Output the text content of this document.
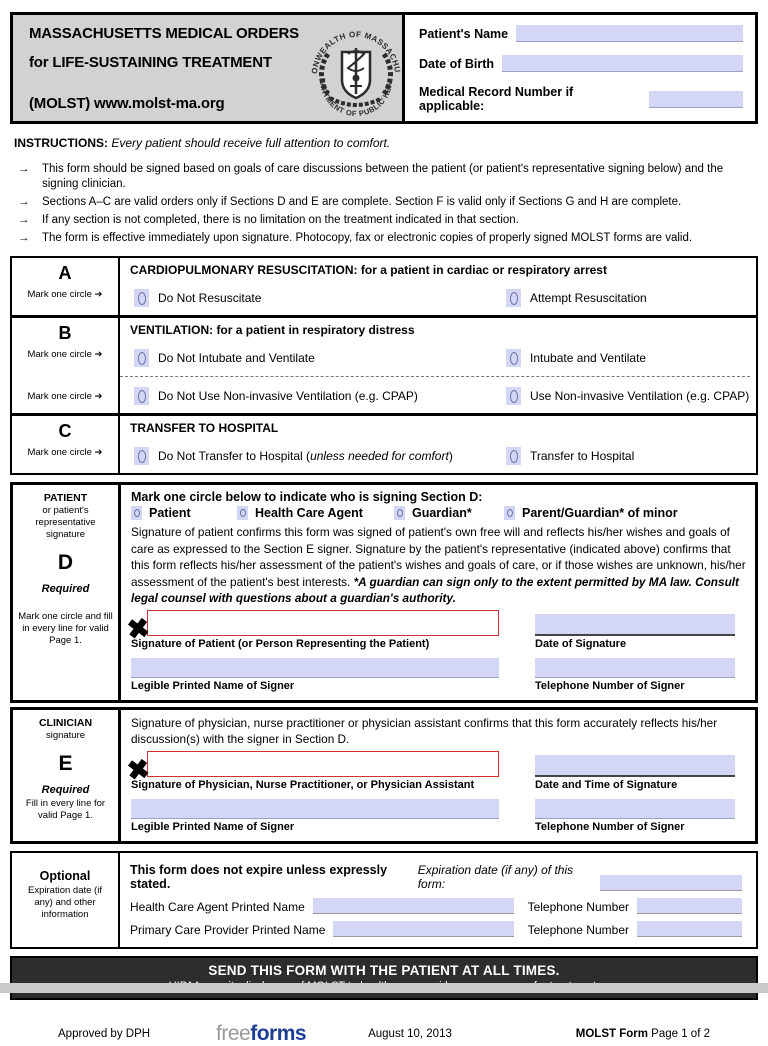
MASSACHUSETTS MEDICAL ORDERS
for LIFE-SUSTAINING TREATMENT
(MOLST) www.molst-ma.org
ONWEALTH OF MASSACHU
PARTMENT OF PUBLIC HEA
Patient's Name
Date of Birth
Medical Record Number if applicable:
INSTRUCTIONS: Every patient should receive full attention to comfort.
→	This form should be signed based on goals of care discussions between the patient (or patient's representative signing below) and the signing clinician.
→	Sections A–C are valid orders only if Sections D and E are complete. Section F is valid only if Sections G and H are complete.
→	If any section is not completed, there is no limitation on the treatment indicated in that section.
→	The form is effective immediately upon signature. Photocopy, fax or electronic copies of properly signed MOLST forms are valid.
A
Mark one circle ➔
CARDIOPULMONARY RESUSCITATION: for a patient in cardiac or respiratory arrest
Do Not Resuscitate	Attempt Resuscitation
B
Mark one circle ➔
Mark one circle ➔
VENTILATION: for a patient in respiratory distress
Do Not Intubate and Ventilate	Intubate and Ventilate
Do Not Use Non-invasive Ventilation (e.g. CPAP)	Use Non-invasive Ventilation (e.g. CPAP)
C
Mark one circle ➔
TRANSFER TO HOSPITAL
Do Not Transfer to Hospital (unless needed for comfort)	Transfer to Hospital
PATIENT
or patient's representative signature
D
Required
Mark one circle and fill in every line for valid Page 1.
Mark one circle below to indicate who is signing Section D:
Patient	Health Care Agent	Guardian*	Parent/Guardian* of minor
Signature of patient confirms this form was signed of patient's own free will and reflects his/her wishes and goals of care as expressed to the Section E signer. Signature by the patient's representative (indicated above) confirms that this form reflects his/her assessment of the patient's wishes and goals of care, or if those wishes are unknown, his/her assessment of the patient's best interests. *A guardian can sign only to the extent permitted by MA law. Consult legal counsel with questions about a guardian's authority.
✖
Signature of Patient (or Person Representing the Patient)	Date of Signature
Legible Printed Name of Signer	Telephone Number of Signer
CLINICIAN
signature
E
Required
Fill in every line for valid Page 1.
Signature of physician, nurse practitioner or physician assistant confirms that this form accurately reflects his/her discussion(s) with the signer in Section D.
✖
Signature of Physician, Nurse Practitioner, or Physician Assistant	Date and Time of Signature
Legible Printed Name of Signer	Telephone Number of Signer
Optional
Expiration date (if any) and other information
This form does not expire unless expressly stated.
Expiration date (if any) of this form:
Health Care Agent Printed Name	Telephone Number
Primary Care Provider Printed Name	Telephone Number
SEND THIS FORM WITH THE PATIENT AT ALL TIMES.
Approved by DPH	freeforms	August 10, 2013	MOLST Form Page 1 of 2
